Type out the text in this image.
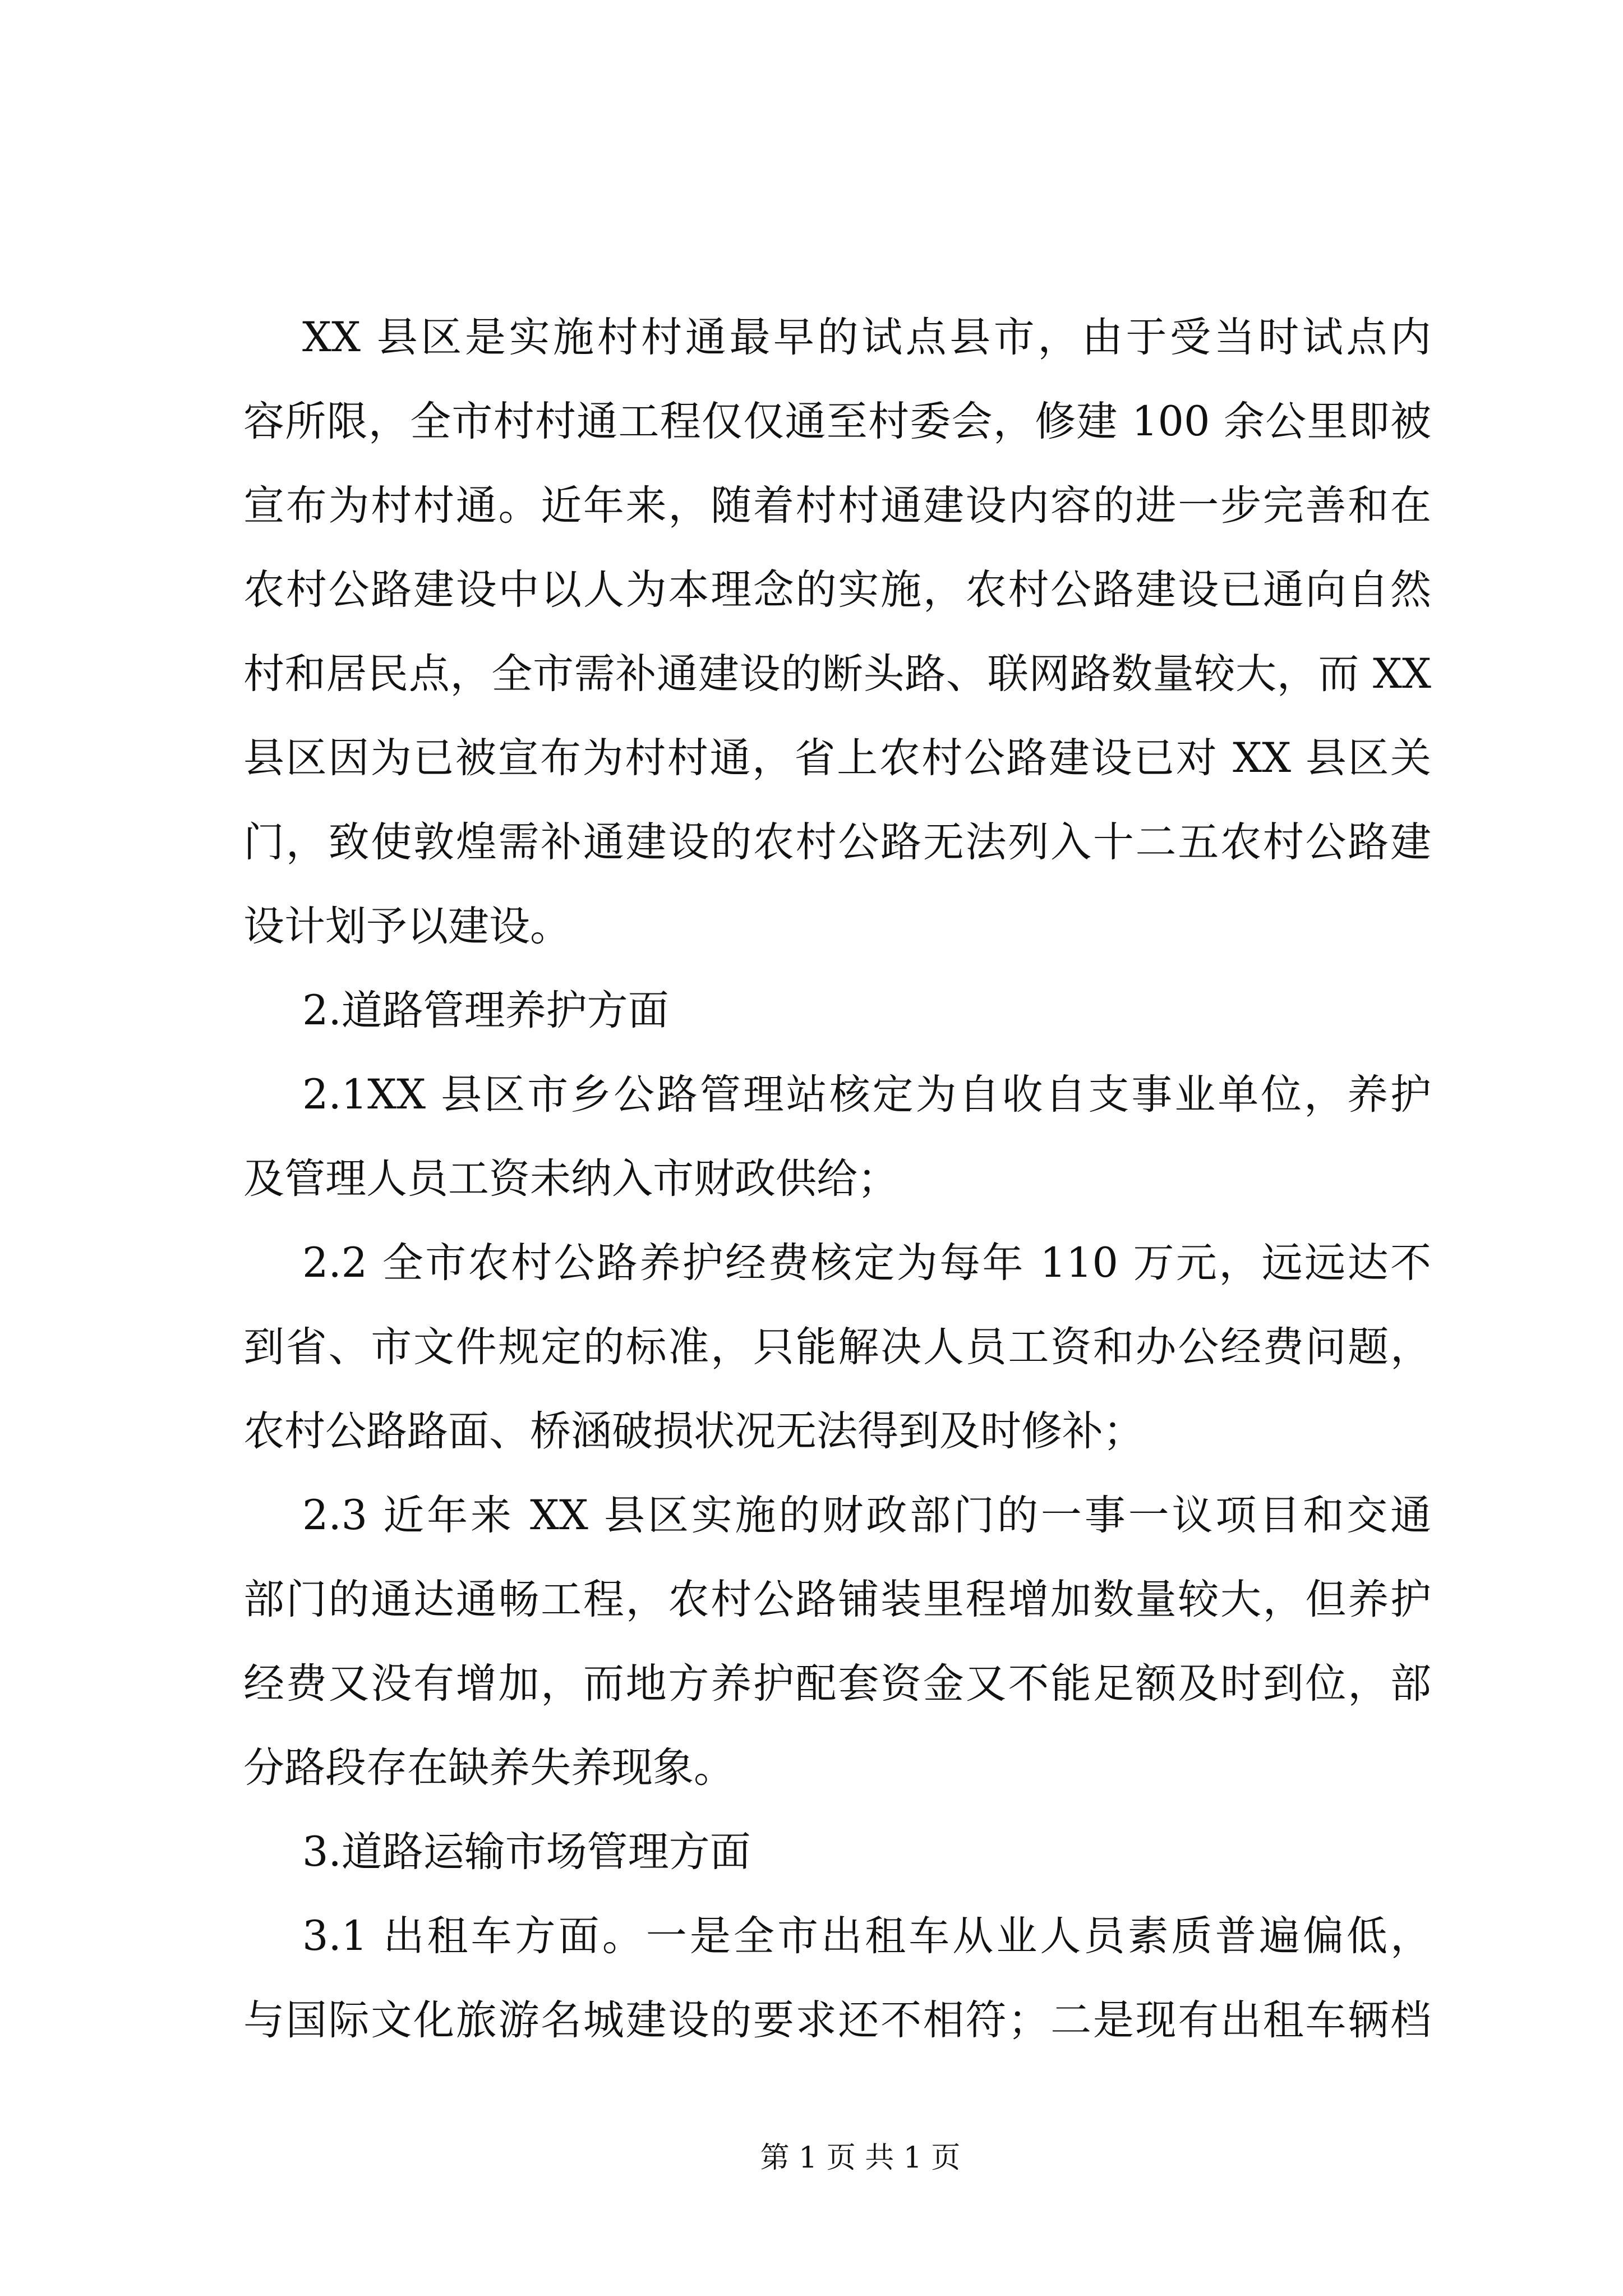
XX 县区是实施村村通最早的试点县市，由于受当时试点内
容所限，全市村村通工程仅仅通至村委会，修建 100 余公里即被
宣布为村村通。近年来，随着村村通建设内容的进一步完善和在
农村公路建设中以人为本理念的实施，农村公路建设已通向自然
村和居民点，全市需补通建设的断头路、联网路数量较大，而 XX
县区因为已被宣布为村村通，省上农村公路建设已对 XX 县区关
门，致使敦煌需补通建设的农村公路无法列入十二五农村公路建
设计划予以建设。
2.道路管理养护方面
2.1XX 县区市乡公路管理站核定为自收自支事业单位，养护
及管理人员工资未纳入市财政供给；
2.2 全市农村公路养护经费核定为每年 110 万元，远远达不
到省、市文件规定的标准，只能解决人员工资和办公经费问题，
农村公路路面、桥涵破损状况无法得到及时修补；
2.3 近年来 XX 县区实施的财政部门的一事一议项目和交通
部门的通达通畅工程，农村公路铺装里程增加数量较大，但养护
经费又没有增加，而地方养护配套资金又不能足额及时到位，部
分路段存在缺养失养现象。
3.道路运输市场管理方面
3.1 出租车方面。一是全市出租车从业人员素质普遍偏低，
与国际文化旅游名城建设的要求还不相符；二是现有出租车辆档
第 1 页 共 1 页
